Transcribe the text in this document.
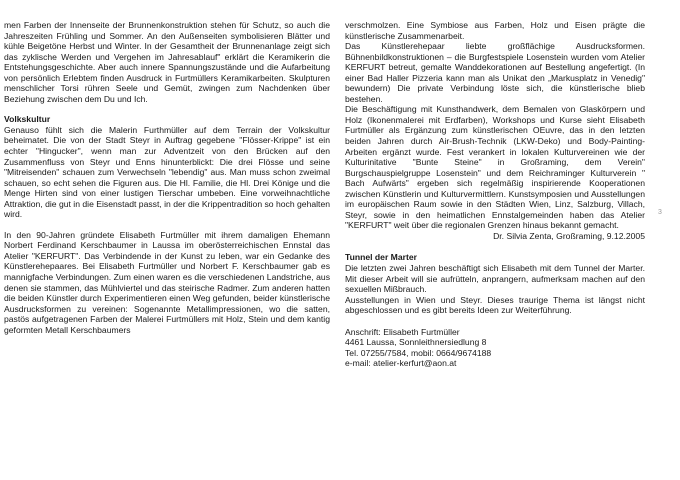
men Farben der Innenseite der Brunnenkonstruktion stehen für Schutz, so auch die Jahreszeiten Frühling und Sommer. An den Außenseiten symbolisieren Blätter und kühle Beigetöne Herbst und Winter. In der Gesamtheit der Brunnenanlage zeigt sich das zyklische Werden und Vergehen im Jahresablauf" erklärt die Keramikerin die Entstehungsgeschichte. Aber auch innere Spannungszustände und die Aufarbeitung von persönlich Erlebtem finden Ausdruck in Furtmüllers Keramikarbeiten. Skulpturen menschlicher Torsi rühren Seele und Gemüt, zwingen zum Nachdenken über Beziehung zwischen dem Du und Ich.

Volkskultur

Genauso fühlt sich die Malerin Furthmüller auf dem Terrain der Volkskultur beheimatet. Die von der Stadt Steyr in Auftrag gegebene "Flösser-Krippe" ist ein echter "Hingucker", wenn man zur Adventzeit von den Brücken auf den Zusammenfluss von Steyr und Enns hinunterblickt: Die drei Flösse und seine "Mitreisenden" schauen zum Verwechseln "lebendig" aus. Man muss schon zweimal schauen, so echt sehen die Figuren aus. Die Hl. Familie, die Hl. Drei Könige und die Menge Hirten sind von einer lustigen Tierschar umbeben. Eine vorweihnachtliche Attraktion, die gut in die Eisenstadt passt, in der die Krippentradition so hoch gehalten wird.

In den 90-Jahren gründete Elisabeth Furtmüller mit ihrem damaligen Ehemann Norbert Ferdinand Kerschbaumer in Laussa im oberösterreichischen Ennstal das Atelier "KERFURT". Das Verbindende in der Kunst zu leben, war ein Gedanke des Künstlerehepaares. Bei Elisabeth Furtmüller und Norbert F. Kerschbaumer gab es mannigfache Verbindungen. Zum einen waren es die verschiedenen Landstriche, aus denen sie stammen, das Mühlviertel und das steirische Radmer. Zum anderen hatten die beiden Künstler durch Experimentieren einen Weg gefunden, beider künstlerische Ausdrucksformen zu vereinen: Sogenannte Metallimpressionen, wo die satten, pastös aufgetragenen Farben der Malerei Furtmüllers mit Holz, Stein und dem kantig geformten Metall Kerschbaumers

verschmolzen. Eine Symbiose aus Farben, Holz und Eisen prägte die künstlerische Zusammenarbeit.

Das Künstlerehepaar liebte großflächige Ausdrucksformen. Bühnenbildkonstruktionen – die Burgfestspiele Losenstein wurden vom Atelier KERFURT betreut, gemalte Wanddekorationen auf Bestellung angefertigt. (In einer Bad Haller Pizzeria kann man als Unikat den „Markusplatz in Venedig" bewundern) Die private Verbindung löste sich, die künstlerische blieb bestehen.

Die Beschäftigung mit Kunsthandwerk, dem Bemalen von Glaskörpern und Holz (Ikonenmalerei mit Erdfarben), Workshops und Kurse sieht Elisabeth Furtmüller als Ergänzung zum künstlerischen OEuvre, das in den letzten beiden Jahren durch Air-Brush-Technik (LKW-Deko) und Body-Painting-Arbeiten ergänzt wurde. Fest verankert in lokalen Kulturvereinen wie der Kulturinitative "Bunte Steine" in Großraming, dem Verein" Burgschauspielgruppe Losenstein" und dem Reichraminger Kulturverein " Bach Aufwärts" ergeben sich regelmäßig inspirierende Kooperationen zwischen Künstlerin und Kulturvermittlern. Kunstsymposien und Ausstellungen im europäischen Raum sowie in den Städten Wien, Linz, Salzburg, Villach, Steyr, sowie in den heimatlichen Ennstalgemeinden haben das Atelier "KERFURT" weit über die regionalen Grenzen hinaus bekannt gemacht.

Dr. Silvia Zenta, Großraming, 9.12.2005

Tunnel der Marter

Die letzten zwei Jahren beschäftigt sich Elisabeth mit dem Tunnel der Marter. Mit dieser Arbeit will sie aufrütteln, anprangern, aufmerksam machen auf den sexuellen Mißbrauch.

Ausstellungen in Wien und Steyr. Dieses traurige Thema ist längst nicht abgeschlossen und es gibt bereits Ideen zur Weiterführung.

Anschrift: Elisabeth Furtmüller

4461 Laussa, Sonnleithnersiedlung 8

Tel. 07255/7584, mobil: 0664/9674188

e-mail: atelier-kerfurt@aon.at

3
